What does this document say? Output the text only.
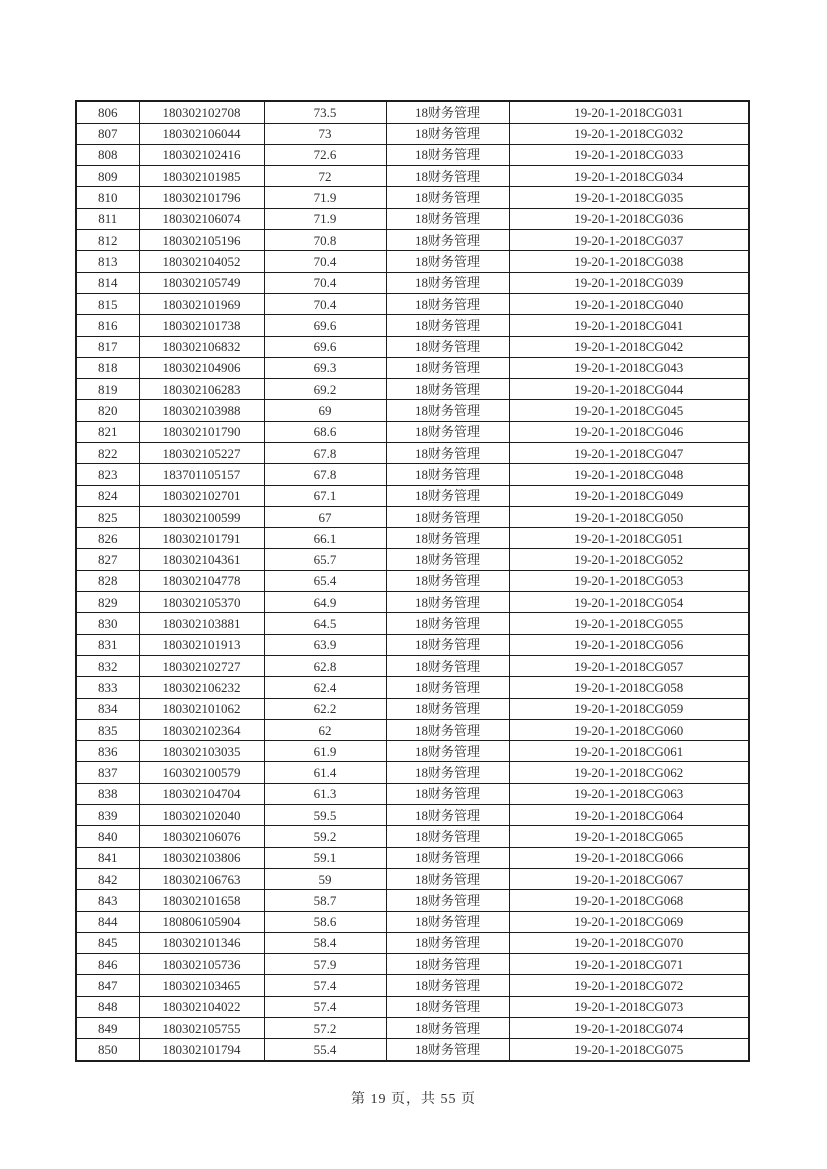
806	180302102708	73.5	18财务管理	19-20-1-2018CG031
807	180302106044	73	18财务管理	19-20-1-2018CG032
808	180302102416	72.6	18财务管理	19-20-1-2018CG033
809	180302101985	72	18财务管理	19-20-1-2018CG034
810	180302101796	71.9	18财务管理	19-20-1-2018CG035
811	180302106074	71.9	18财务管理	19-20-1-2018CG036
812	180302105196	70.8	18财务管理	19-20-1-2018CG037
813	180302104052	70.4	18财务管理	19-20-1-2018CG038
814	180302105749	70.4	18财务管理	19-20-1-2018CG039
815	180302101969	70.4	18财务管理	19-20-1-2018CG040
816	180302101738	69.6	18财务管理	19-20-1-2018CG041
817	180302106832	69.6	18财务管理	19-20-1-2018CG042
818	180302104906	69.3	18财务管理	19-20-1-2018CG043
819	180302106283	69.2	18财务管理	19-20-1-2018CG044
820	180302103988	69	18财务管理	19-20-1-2018CG045
821	180302101790	68.6	18财务管理	19-20-1-2018CG046
822	180302105227	67.8	18财务管理	19-20-1-2018CG047
823	183701105157	67.8	18财务管理	19-20-1-2018CG048
824	180302102701	67.1	18财务管理	19-20-1-2018CG049
825	180302100599	67	18财务管理	19-20-1-2018CG050
826	180302101791	66.1	18财务管理	19-20-1-2018CG051
827	180302104361	65.7	18财务管理	19-20-1-2018CG052
828	180302104778	65.4	18财务管理	19-20-1-2018CG053
829	180302105370	64.9	18财务管理	19-20-1-2018CG054
830	180302103881	64.5	18财务管理	19-20-1-2018CG055
831	180302101913	63.9	18财务管理	19-20-1-2018CG056
832	180302102727	62.8	18财务管理	19-20-1-2018CG057
833	180302106232	62.4	18财务管理	19-20-1-2018CG058
834	180302101062	62.2	18财务管理	19-20-1-2018CG059
835	180302102364	62	18财务管理	19-20-1-2018CG060
836	180302103035	61.9	18财务管理	19-20-1-2018CG061
837	160302100579	61.4	18财务管理	19-20-1-2018CG062
838	180302104704	61.3	18财务管理	19-20-1-2018CG063
839	180302102040	59.5	18财务管理	19-20-1-2018CG064
840	180302106076	59.2	18财务管理	19-20-1-2018CG065
841	180302103806	59.1	18财务管理	19-20-1-2018CG066
842	180302106763	59	18财务管理	19-20-1-2018CG067
843	180302101658	58.7	18财务管理	19-20-1-2018CG068
844	180806105904	58.6	18财务管理	19-20-1-2018CG069
845	180302101346	58.4	18财务管理	19-20-1-2018CG070
846	180302105736	57.9	18财务管理	19-20-1-2018CG071
847	180302103465	57.4	18财务管理	19-20-1-2018CG072
848	180302104022	57.4	18财务管理	19-20-1-2018CG073
849	180302105755	57.2	18财务管理	19-20-1-2018CG074
850	180302101794	55.4	18财务管理	19-20-1-2018CG075
第 19 页，共 55 页
